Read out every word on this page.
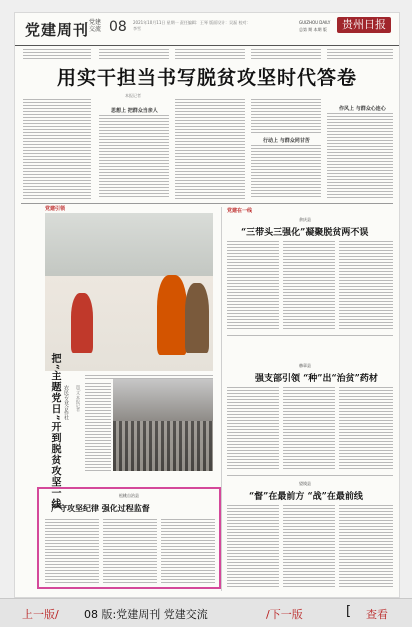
党建周刊 党建交流 08 2021年10月11日 星期一 责任编辑：王琴 版面设计：吴磊 校对：李雪
GUIZHOU DAILY
总第 期 本期 版	贵州日报
用实干担当书写脱贫攻坚时代答卷
本报记者
思想上 把群众当亲人
行动上 与群众同甘苦
作风上 与群众心连心
党建引领
把“主题党日”开到脱贫攻坚一线 农民专业合作社 图/文 本报记者
松桃自治县
严守攻坚纪律 强化过程监督
党建在一线
余庆县
“三带头三强化”凝聚脱贫两不误
赫章县
强支部引领 “种”出“治贫”药材
望谟县
“督”在最前方 “战”在最前线
上一版/ 08 版:党建周刊 党建交流	/下一版	[ 查看
